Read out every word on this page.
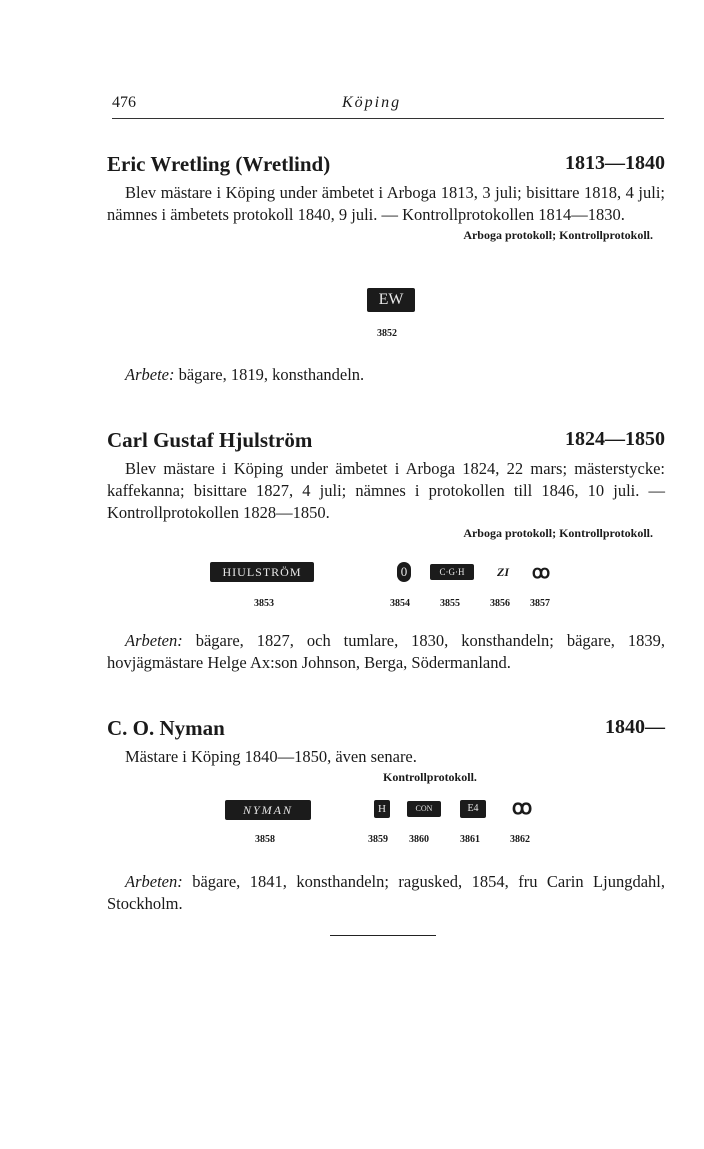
476	Köping
Eric Wretling (Wretlind)	1813—1840

Blev mästare i Köping under ämbetet i Arboga 1813, 3 juli; bisittare 1818, 4 juli; nämnes i ämbetets protokoll 1840, 9 juli. — Kontrollprotokollen 1814—1830.

Arboga protokoll; Kontrollprotokoll.

EW
3852

Arbete: bägare, 1819, konsthandeln.

Carl Gustaf Hjulström	1824—1850

Blev mästare i Köping under ämbetet i Arboga 1824, 22 mars; mästerstycke: kaffekanna; bisittare 1827, 4 juli; nämnes i protokollen till 1846, 10 juli. — Kontrollprotokollen 1828—1850.

Arboga protokoll; Kontrollprotokoll.

HIULSTRÖM
3853
0
3854
C·G·H
3855
ZI
3856
ꝏ
3857

Arbeten: bägare, 1827, och tumlare, 1830, konsthandeln; bägare, 1839, hovjägmästare Helge Ax:son Johnson, Berga, Södermanland.

C. O. Nyman	1840—

Mästare i Köping 1840—1850, även senare.

Kontrollprotokoll.

NYMAN
3858
H
3859
CON
3860
E4
3861
ꝏ
3862

Arbeten: bägare, 1841, konsthandeln; ragusked, 1854, fru Carin Ljungdahl, Stockholm.
